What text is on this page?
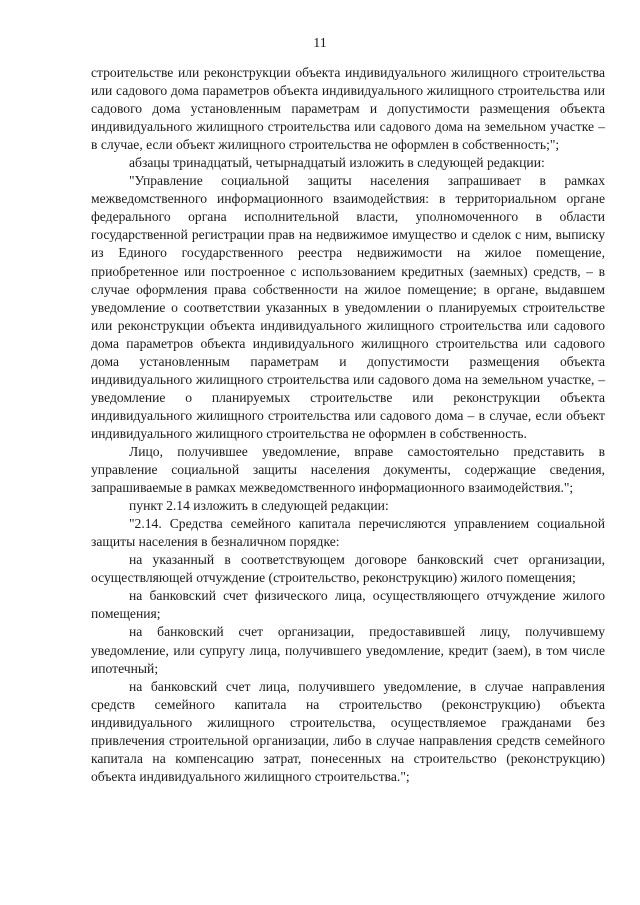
11

строительстве или реконструкции объекта индивидуального жилищного строительства или садового дома параметров объекта индивидуального жилищного строительства или садового дома установленным параметрам и допустимости размещения объекта индивидуального жилищного строительства или садового дома на земельном участке – в случае, если объект жилищного строительства не оформлен в собственность;";

абзацы тринадцатый, четырнадцатый изложить в следующей редакции:

"Управление социальной защиты населения запрашивает в рамках межведомственного информационного взаимодействия: в территориальном органе федерального органа исполнительной власти, уполномоченного в области государственной регистрации прав на недвижимое имущество и сделок с ним, выписку из Единого государственного реестра недвижимости на жилое помещение, приобретенное или построенное с использованием кредитных (заемных) средств, – в случае оформления права собственности на жилое помещение; в органе, выдавшем уведомление о соответствии указанных в уведомлении о планируемых строительстве или реконструкции объекта индивидуального жилищного строительства или садового дома параметров объекта индивидуального жилищного строительства или садового дома установленным параметрам и допустимости размещения объекта индивидуального жилищного строительства или садового дома на земельном участке, – уведомление о планируемых строительстве или реконструкции объекта индивидуального жилищного строительства или садового дома – в случае, если объект индивидуального жилищного строительства не оформлен в собственность.

Лицо, получившее уведомление, вправе самостоятельно представить в управление социальной защиты населения документы, содержащие сведения, запрашиваемые в рамках межведомственного информационного взаимодействия.";

пункт 2.14 изложить в следующей редакции:

"2.14. Средства семейного капитала перечисляются управлением социальной защиты населения в безналичном порядке:

на указанный в соответствующем договоре банковский счет организации, осуществляющей отчуждение (строительство, реконструкцию) жилого помещения;

на банковский счет физического лица, осуществляющего отчуждение жилого помещения;

на банковский счет организации, предоставившей лицу, получившему уведомление, или супругу лица, получившего уведомление, кредит (заем), в том числе ипотечный;

на банковский счет лица, получившего уведомление, в случае направления средств семейного капитала на строительство (реконструкцию) объекта индивидуального жилищного строительства, осуществляемое гражданами без привлечения строительной организации, либо в случае направления средств семейного капитала на компенсацию затрат, понесенных на строительство (реконструкцию) объекта индивидуального жилищного строительства.";
